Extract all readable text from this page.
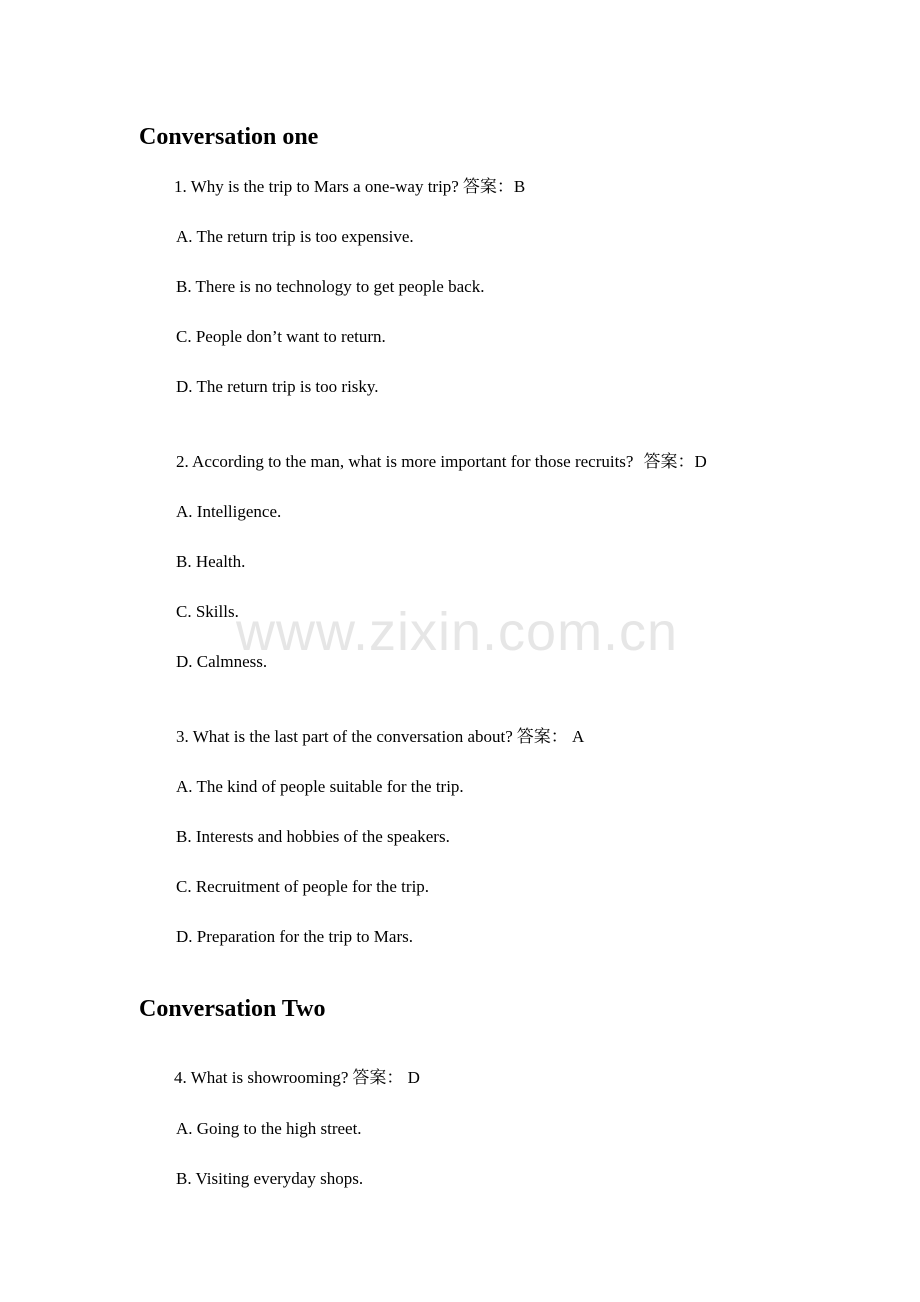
Conversation one
1. Why is the trip to Mars a one-way trip? 答案：B
A. The return trip is too expensive.
B. There is no technology to get people back.
C. People don’t want to return.
D. The return trip is too risky.
2. According to the man, what is more important for those recruits? 答案：D
A. Intelligence.
B. Health.
C. Skills.
D. Calmness.
3. What is the last part of the conversation about? 答案： A
A. The kind of people suitable for the trip.
B. Interests and hobbies of the speakers.
C. Recruitment of people for the trip.
D. Preparation for the trip to Mars.
Conversation Two
4. What is showrooming? 答案： D
A. Going to the high street.
B. Visiting everyday shops.
www.zixin.com.cn
